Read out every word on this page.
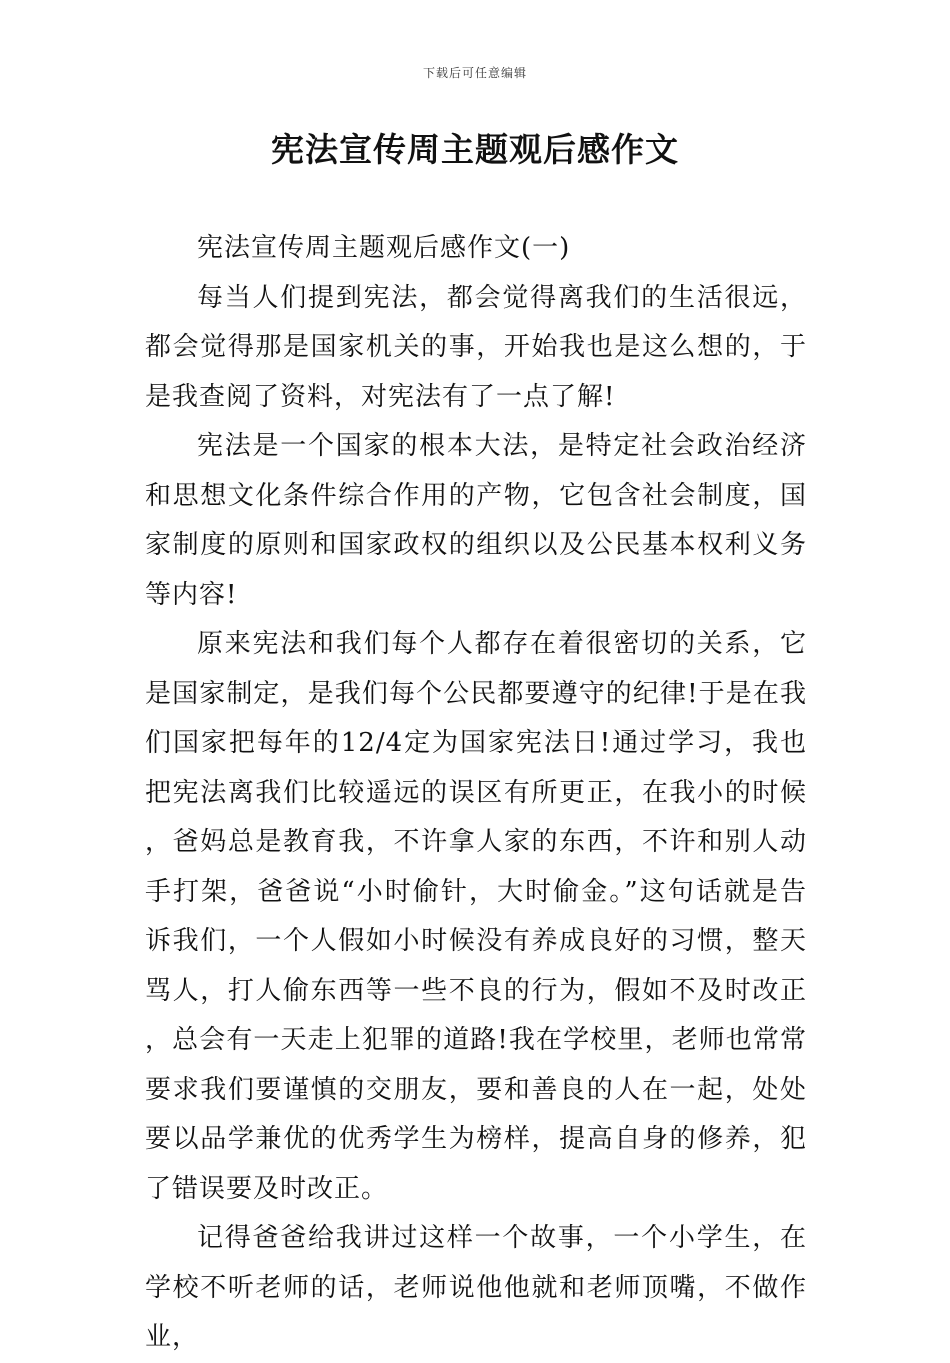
下载后可任意编辑
宪法宣传周主题观后感作文

宪法宣传周主题观后感作文(一)

每当人们提到宪法，都会觉得离我们的生活很远，都会觉得那是国家机关的事，开始我也是这么想的，于是我查阅了资料，对宪法有了一点了解!

宪法是一个国家的根本大法，是特定社会政治经济和思想文化条件综合作用的产物，它包含社会制度，国家制度的原则和国家政权的组织以及公民基本权利义务等内容!

原来宪法和我们每个人都存在着很密切的关系，它是国家制定，是我们每个公民都要遵守的纪律!于是在我们国家把每年的12/4定为国家宪法日!通过学习，我也把宪法离我们比较遥远的误区有所更正，在我小的时候，爸妈总是教育我，不许拿人家的东西，不许和别人动手打架，爸爸说“小时偷针，大时偷金。”这句话就是告诉我们，一个人假如小时候没有养成良好的习惯，整天骂人，打人偷东西等一些不良的行为，假如不及时改正，总会有一天走上犯罪的道路!我在学校里，老师也常常要求我们要谨慎的交朋友，要和善良的人在一起，处处要以品学兼优的优秀学生为榜样，提高自身的修养，犯了错误要及时改正。

记得爸爸给我讲过这样一个故事，一个小学生，在学校不听老师的话，老师说他他就和老师顶嘴，不做作业，
